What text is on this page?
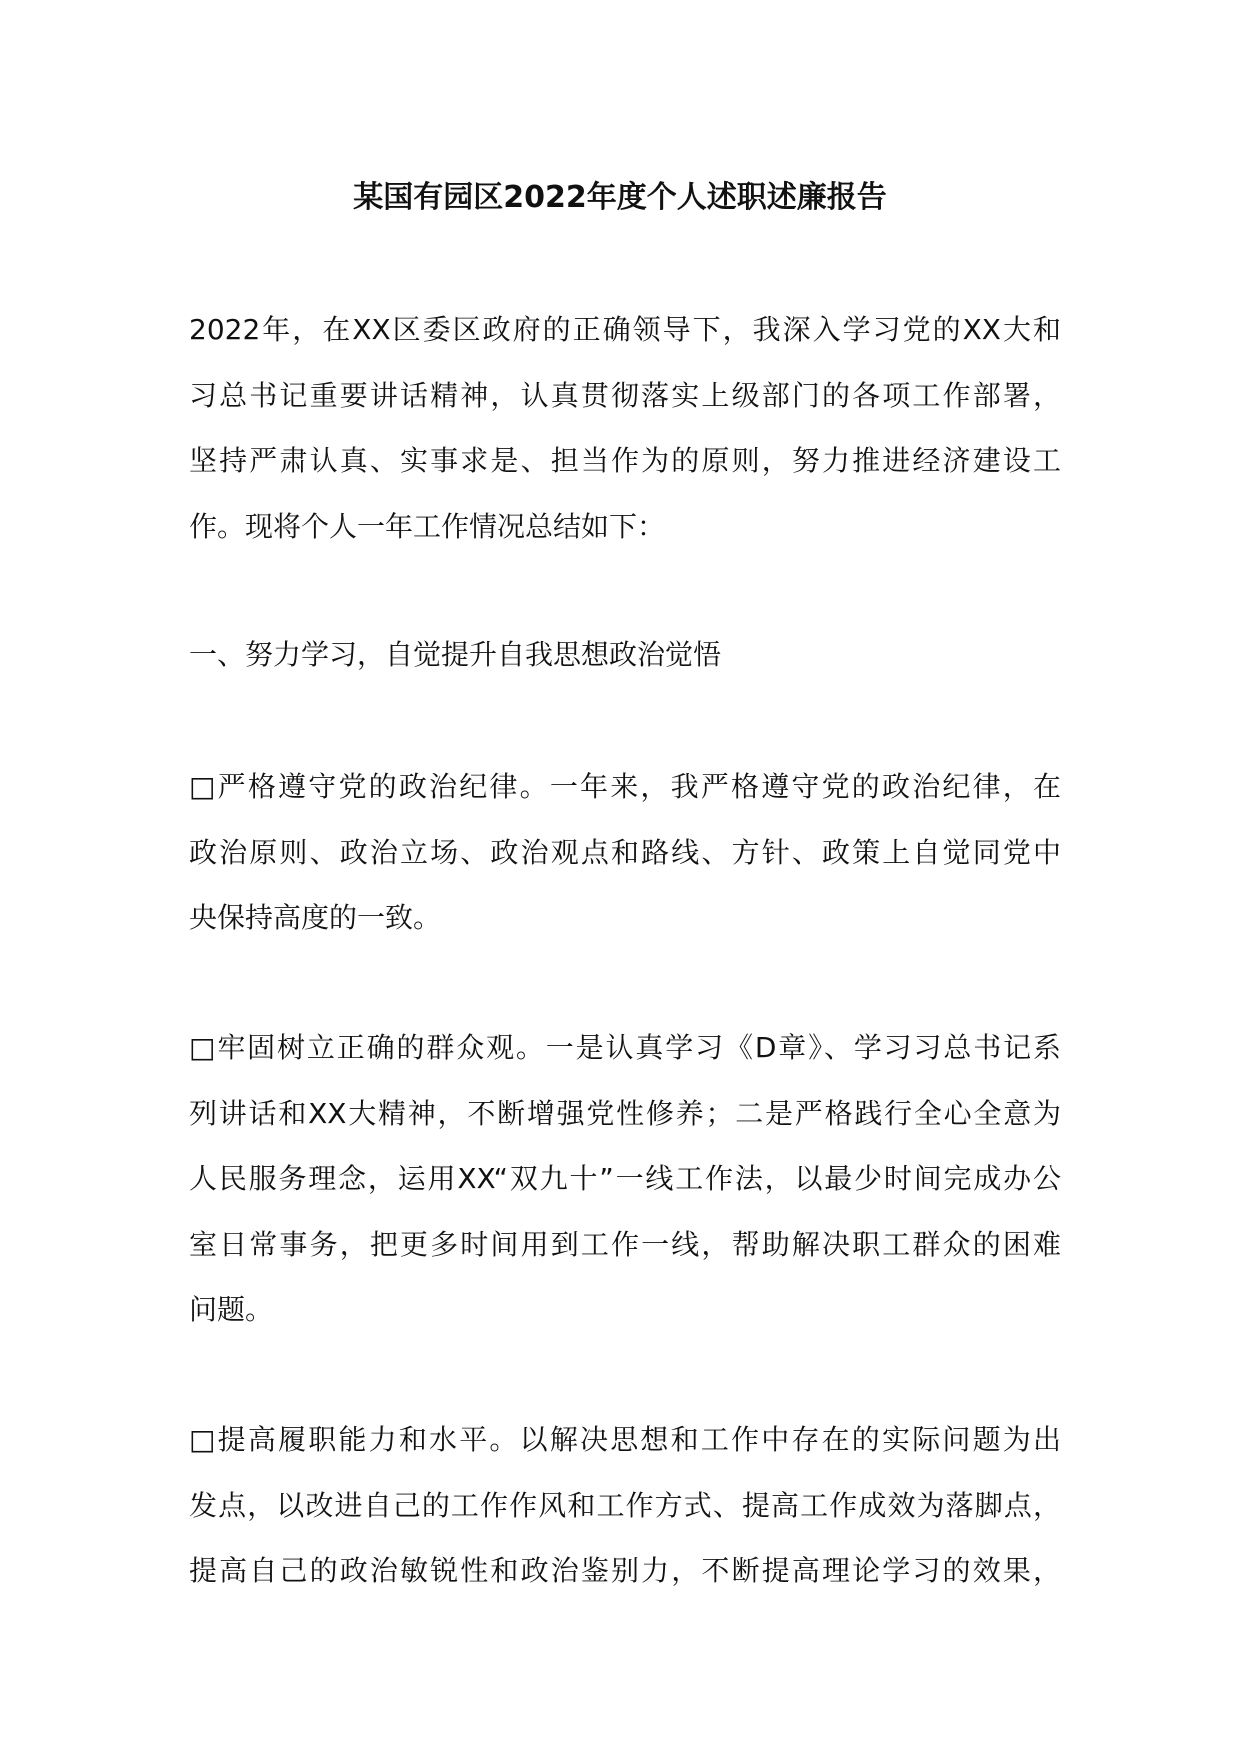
某国有园区2022年度个人述职述廉报告
2022年，在XX区委区政府的正确领导下，我深入学习党的XX大和
习总书记重要讲话精神，认真贯彻落实上级部门的各项工作部署，
坚持严肃认真、实事求是、担当作为的原则，努力推进经济建设工
作。现将个人一年工作情况总结如下：
一、努力学习，自觉提升自我思想政治觉悟
□严格遵守党的政治纪律。一年来，我严格遵守党的政治纪律，在
政治原则、政治立场、政治观点和路线、方针、政策上自觉同党中
央保持高度的一致。
□牢固树立正确的群众观。一是认真学习《D章》、学习习总书记系
列讲话和XX大精神，不断增强党性修养；二是严格践行全心全意为
人民服务理念，运用XX“双九十”一线工作法，以最少时间完成办公
室日常事务，把更多时间用到工作一线，帮助解决职工群众的困难
问题。
□提高履职能力和水平。以解决思想和工作中存在的实际问题为出
发点，以改进自己的工作作风和工作方式、提高工作成效为落脚点，
提高自己的政治敏锐性和政治鉴别力，不断提高理论学习的效果，
